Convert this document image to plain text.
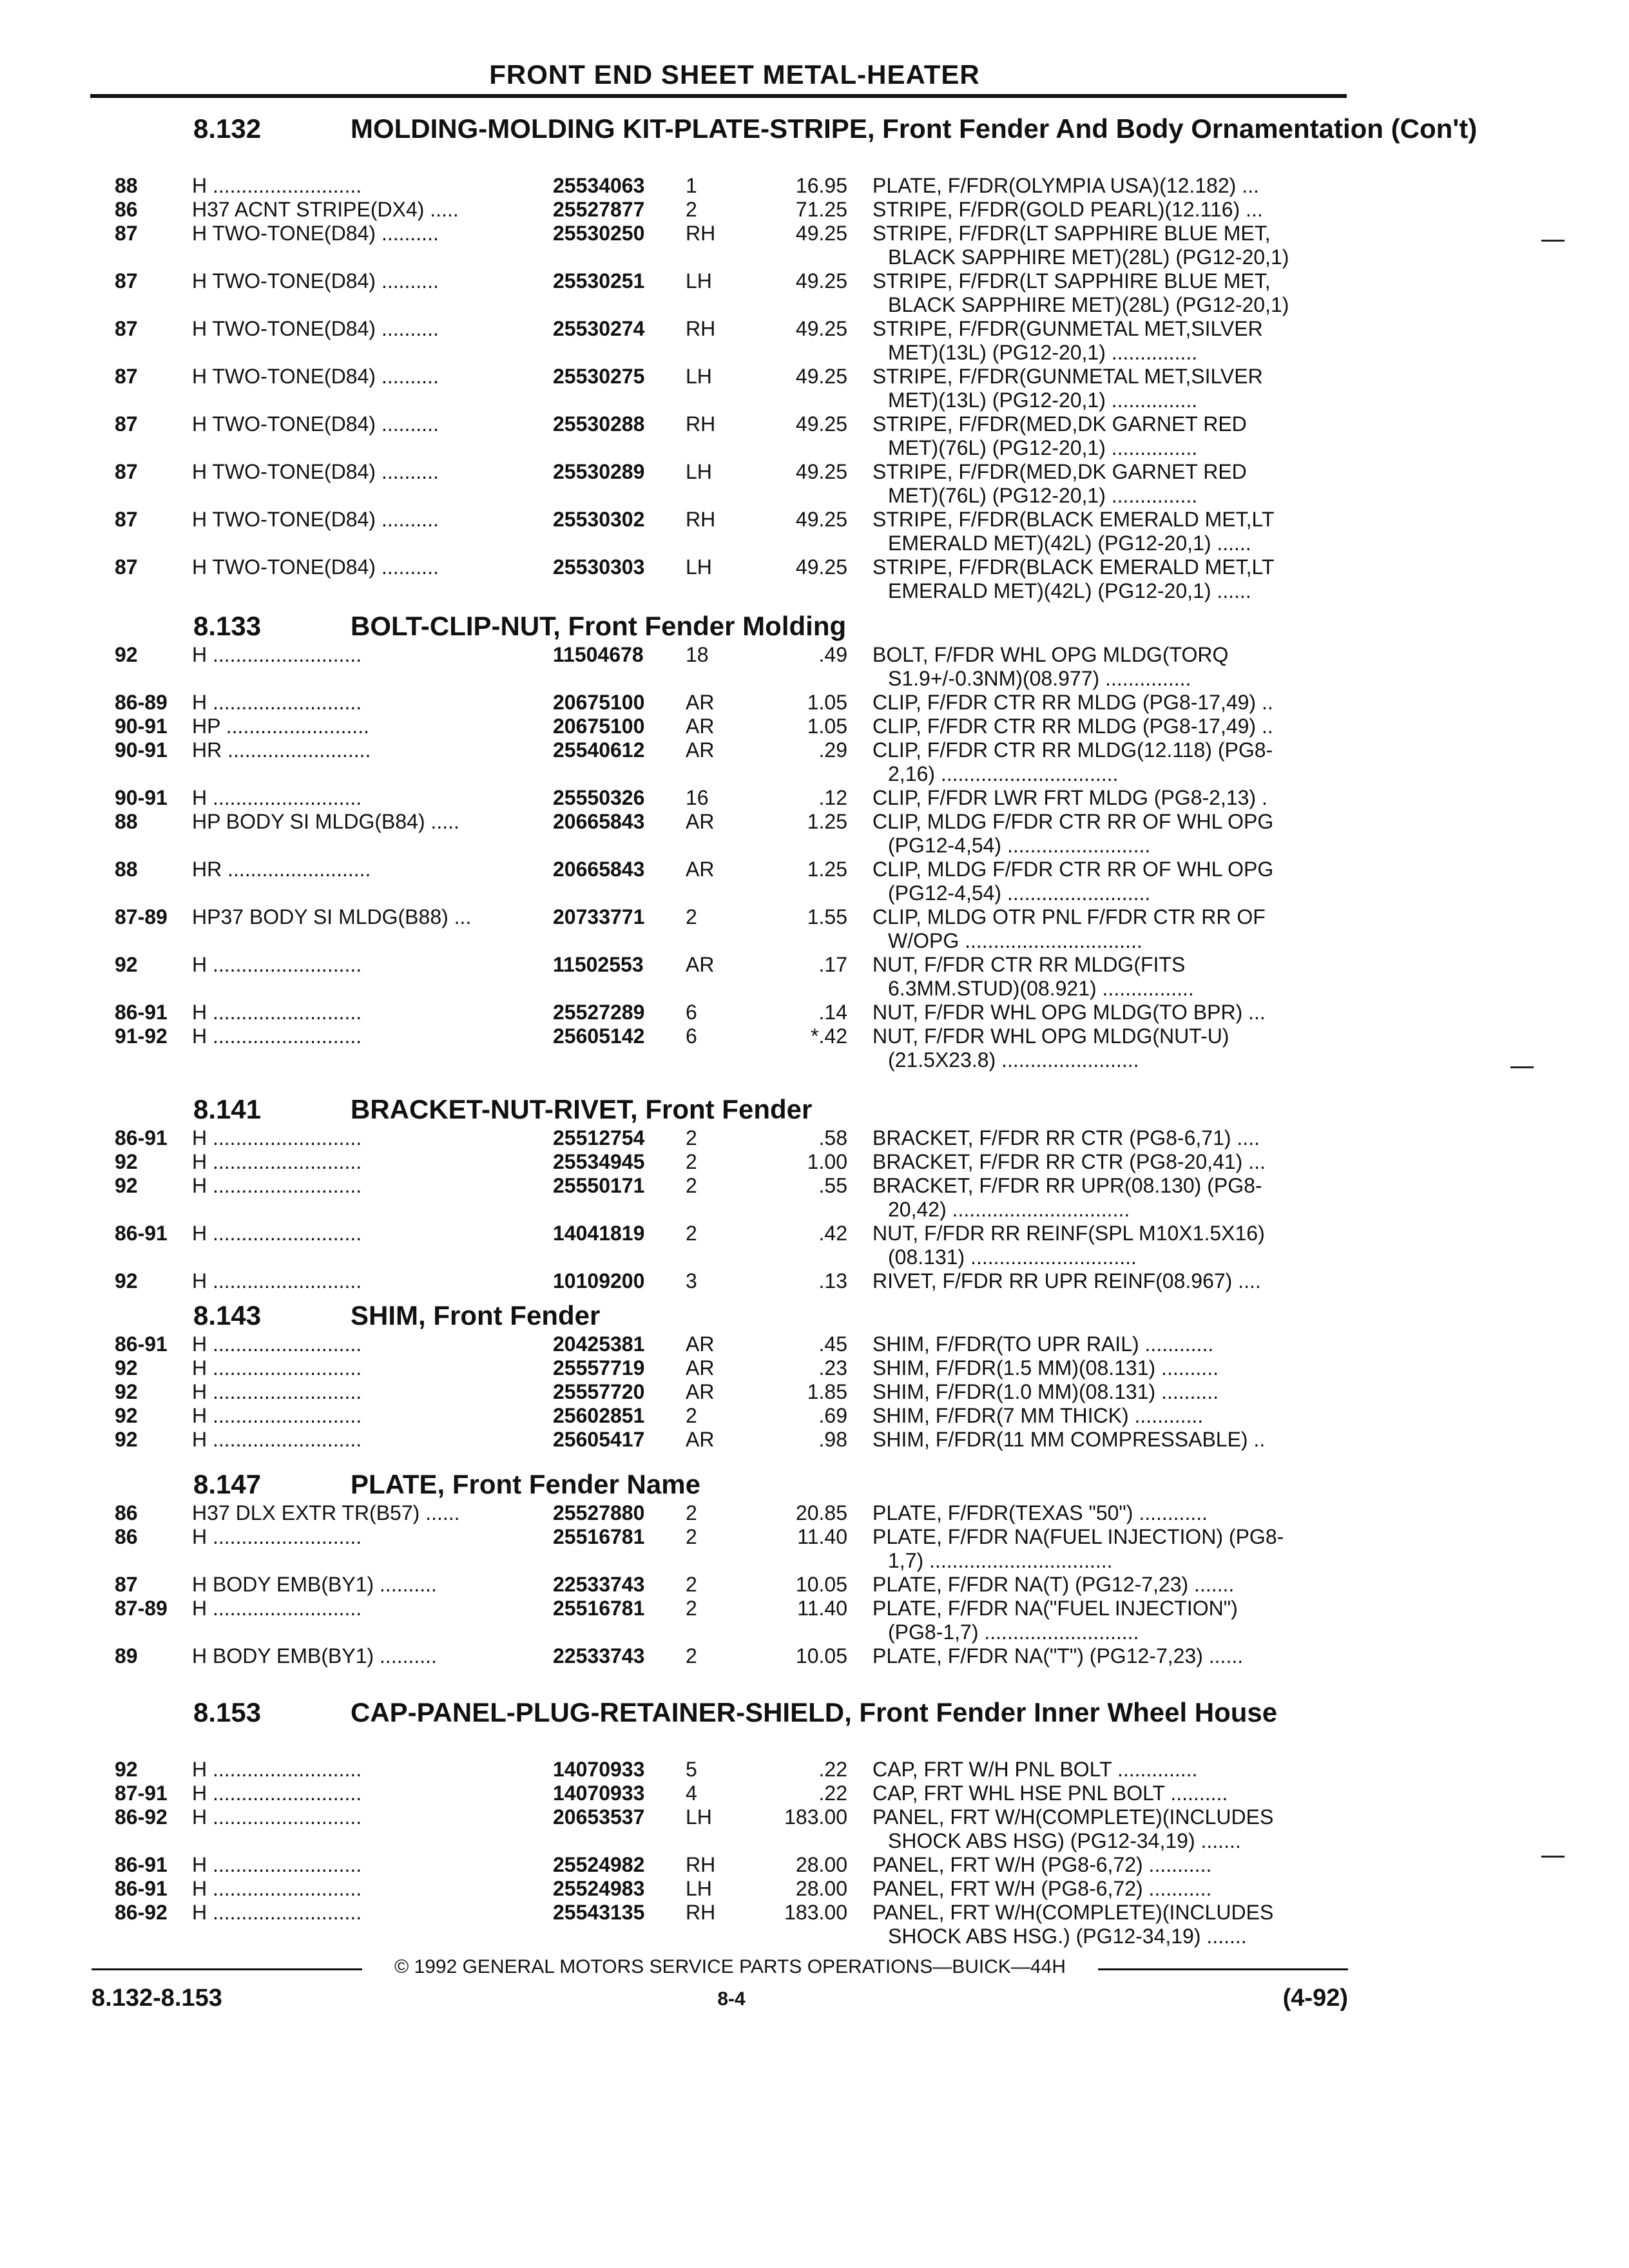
FRONT END SHEET METAL-HEATER
8.132	MOLDING-MOLDING KIT-PLATE-STRIPE, Front Fender And Body Ornamentation (Con't)
88	H ..........................	25534063	1	16.95 PLATE, F/FDR(OLYMPIA USA)(12.182) ...
86	H37 ACNT STRIPE(DX4) .....	25527877	2	71.25 STRIPE, F/FDR(GOLD PEARL)(12.116) ...
87	H TWO-TONE(D84) ..........	25530250	RH	49.25 STRIPE, F/FDR(LT SAPPHIRE BLUE MET,
BLACK SAPPHIRE MET)(28L) (PG12-20,1)
87	H TWO-TONE(D84) ..........	25530251	LH	49.25 STRIPE, F/FDR(LT SAPPHIRE BLUE MET,
BLACK SAPPHIRE MET)(28L) (PG12-20,1)
87	H TWO-TONE(D84) ..........	25530274	RH	49.25 STRIPE, F/FDR(GUNMETAL MET,SILVER
MET)(13L) (PG12-20,1) ...............
87	H TWO-TONE(D84) ..........	25530275	LH	49.25 STRIPE, F/FDR(GUNMETAL MET,SILVER
MET)(13L) (PG12-20,1) ...............
87	H TWO-TONE(D84) ..........	25530288	RH	49.25 STRIPE, F/FDR(MED,DK GARNET RED
MET)(76L) (PG12-20,1) ...............
87	H TWO-TONE(D84) ..........	25530289	LH	49.25 STRIPE, F/FDR(MED,DK GARNET RED
MET)(76L) (PG12-20,1) ...............
87	H TWO-TONE(D84) ..........	25530302	RH	49.25 STRIPE, F/FDR(BLACK EMERALD MET,LT
EMERALD MET)(42L) (PG12-20,1) ......
87	H TWO-TONE(D84) ..........	25530303	LH	49.25 STRIPE, F/FDR(BLACK EMERALD MET,LT
EMERALD MET)(42L) (PG12-20,1) ......
8.133	BOLT-CLIP-NUT, Front Fender Molding
92	H ..........................	11504678	18	.49 BOLT, F/FDR WHL OPG MLDG(TORQ
S1.9+/-0.3NM)(08.977) ...............
86-89	H ..........................	20675100	AR	1.05 CLIP, F/FDR CTR RR MLDG (PG8-17,49) ..
90-91	HP .........................	20675100	AR	1.05 CLIP, F/FDR CTR RR MLDG (PG8-17,49) ..
90-91	HR .........................	25540612	AR	.29 CLIP, F/FDR CTR RR MLDG(12.118) (PG8-
2,16) ...............................
90-91	H ..........................	25550326	16	.12 CLIP, F/FDR LWR FRT MLDG (PG8-2,13) .
88	HP BODY SI MLDG(B84) .....	20665843	AR	1.25 CLIP, MLDG F/FDR CTR RR OF WHL OPG
(PG12-4,54) .........................
88	HR .........................	20665843	AR	1.25 CLIP, MLDG F/FDR CTR RR OF WHL OPG
(PG12-4,54) .........................
87-89	HP37 BODY SI MLDG(B88) ...	20733771	2	1.55 CLIP, MLDG OTR PNL F/FDR CTR RR OF
W/OPG ...............................
92	H ..........................	11502553	AR	.17 NUT, F/FDR CTR RR MLDG(FITS
6.3MM.STUD)(08.921) ................
86-91	H ..........................	25527289	6	.14 NUT, F/FDR WHL OPG MLDG(TO BPR) ...
91-92	H ..........................	25605142	6	*.42 NUT, F/FDR WHL OPG MLDG(NUT-U)
(21.5X23.8) ........................
8.141	BRACKET-NUT-RIVET, Front Fender
86-91	H ..........................	25512754	2	.58 BRACKET, F/FDR RR CTR (PG8-6,71) ....
92	H ..........................	25534945	2	1.00 BRACKET, F/FDR RR CTR (PG8-20,41) ...
92	H ..........................	25550171	2	.55 BRACKET, F/FDR RR UPR(08.130) (PG8-
20,42) ...............................
86-91	H ..........................	14041819	2	.42 NUT, F/FDR RR REINF(SPL M10X1.5X16)
(08.131) .............................
92	H ..........................	10109200	3	.13 RIVET, F/FDR RR UPR REINF(08.967) ....
8.143	SHIM, Front Fender
86-91	H ..........................	20425381	AR	.45 SHIM, F/FDR(TO UPR RAIL) ............
92	H ..........................	25557719	AR	.23 SHIM, F/FDR(1.5 MM)(08.131) ..........
92	H ..........................	25557720	AR	1.85 SHIM, F/FDR(1.0 MM)(08.131) ..........
92	H ..........................	25602851	2	.69 SHIM, F/FDR(7 MM THICK) ............
92	H ..........................	25605417	AR	.98 SHIM, F/FDR(11 MM COMPRESSABLE) ..
8.147	PLATE, Front Fender Name
86	H37 DLX EXTR TR(B57) ......	25527880	2	20.85 PLATE, F/FDR(TEXAS "50") ............
86	H ..........................	25516781	2	11.40 PLATE, F/FDR NA(FUEL INJECTION) (PG8-
1,7) ................................
87	H BODY EMB(BY1) ..........	22533743	2	10.05 PLATE, F/FDR NA(T) (PG12-7,23) .......
87-89	H ..........................	25516781	2	11.40 PLATE, F/FDR NA("FUEL INJECTION")
(PG8-1,7) ...........................
89	H BODY EMB(BY1) ..........	22533743	2	10.05 PLATE, F/FDR NA("T") (PG12-7,23) ......
8.153	CAP-PANEL-PLUG-RETAINER-SHIELD, Front Fender Inner Wheel House
92	H ..........................	14070933	5	.22 CAP, FRT W/H PNL BOLT ..............
87-91	H ..........................	14070933	4	.22 CAP, FRT WHL HSE PNL BOLT ..........
86-92	H ..........................	20653537	LH	183.00 PANEL, FRT W/H(COMPLETE)(INCLUDES
SHOCK ABS HSG) (PG12-34,19) .......
86-91	H ..........................	25524982	RH	28.00 PANEL, FRT W/H (PG8-6,72) ...........
86-91	H ..........................	25524983	LH	28.00 PANEL, FRT W/H (PG8-6,72) ...........
86-92	H ..........................	25543135	RH	183.00 PANEL, FRT W/H(COMPLETE)(INCLUDES
SHOCK ABS HSG.) (PG12-34,19) .......
© 1992 GENERAL MOTORS SERVICE PARTS OPERATIONS—BUICK—44H
8.132-8.153	8-4	(4-92)
